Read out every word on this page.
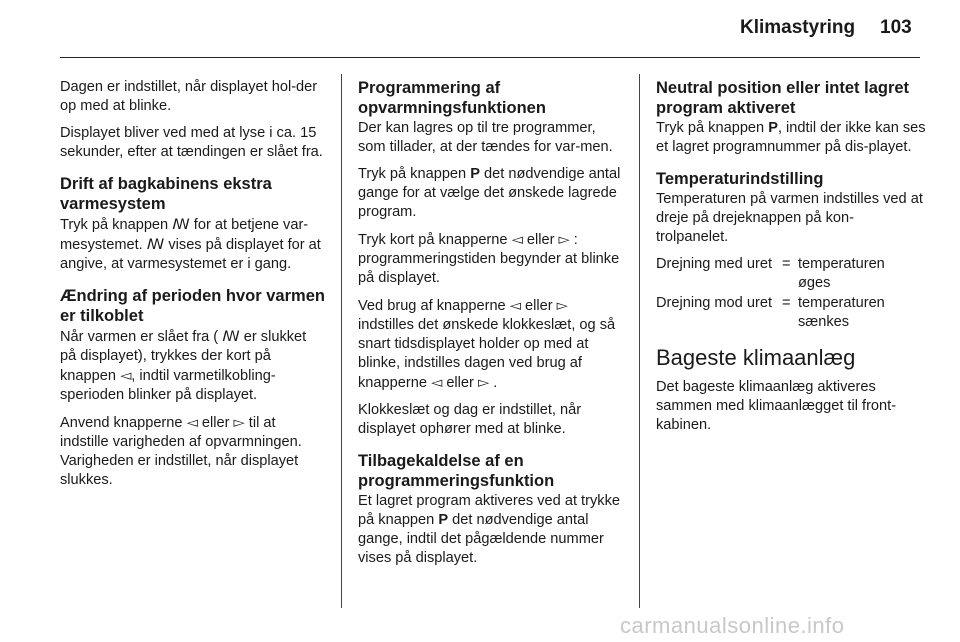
Klimastyring 103

Dagen er indstillet, når displayet hol-der op med at blinke.

Displayet bliver ved med at lyse i ca. 15 sekunder, efter at tændingen er slået fra.

Drift af bagkabinens ekstra varmesystem

Tryk på knappen ꟿ for at betjene var-mesystemet. ꟿ vises på displayet for at angive, at varmesystemet er i gang.

Ændring af perioden hvor varmen er tilkoblet

Når varmen er slået fra ( ꟿ er slukket på displayet), trykkes der kort på knappen ◅, indtil varmetilkobling-sperioden blinker på displayet.

Anvend knapperne ◅ eller ▻ til at indstille varigheden af opvarmningen. Varigheden er indstillet, når displayet slukkes.

Programmering af opvarmningsfunktionen

Der kan lagres op til tre programmer, som tillader, at der tændes for var-men.

Tryk på knappen P det nødvendige antal gange for at vælge det ønskede lagrede program.

Tryk kort på knapperne ◅ eller ▻ : programmeringstiden begynder at blinke på displayet.

Ved brug af knapperne ◅ eller ▻ indstilles det ønskede klokkeslæt, og så snart tidsdisplayet holder op med at blinke, indstilles dagen ved brug af knapperne ◅ eller ▻ .

Klokkeslæt og dag er indstillet, når displayet ophører med at blinke.

Tilbagekaldelse af en programmeringsfunktion

Et lagret program aktiveres ved at trykke på knappen P det nødvendige antal gange, indtil det pågældende nummer vises på displayet.

Neutral position eller intet lagret program aktiveret

Tryk på knappen P, indtil der ikke kan ses et lagret programnummer på dis-playet.

Temperaturindstilling

Temperaturen på varmen indstilles ved at dreje på drejeknappen på kon-trolpanelet.

Drejning med uret = temperaturen øges
Drejning mod uret = temperaturen sænkes
Bageste klimaanlæg

Det bageste klimaanlæg aktiveres sammen med klimaanlægget til front-kabinen.

carmanualsonline.info
